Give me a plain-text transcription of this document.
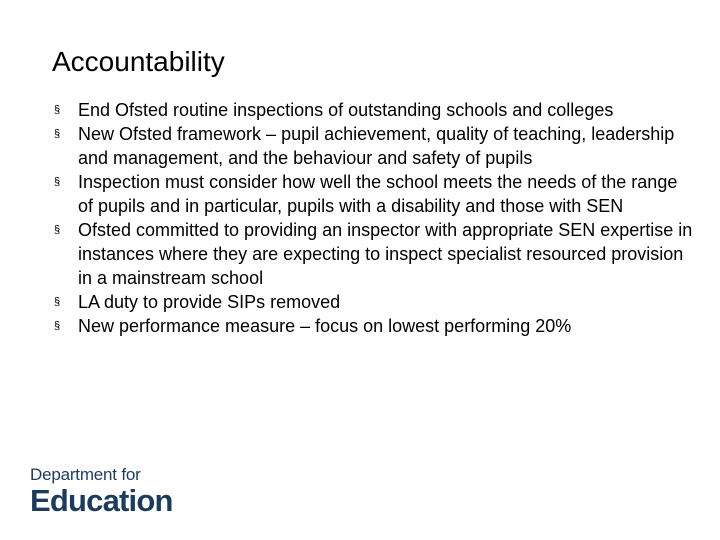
Accountability
§ End Ofsted routine inspections of outstanding schools and colleges
§ New Ofsted framework – pupil achievement, quality of teaching, leadership and management, and the behaviour and safety of pupils
§ Inspection must consider how well the school meets the needs of the range of pupils and in particular, pupils with a disability and those with SEN
§ Ofsted committed to providing an inspector with appropriate SEN expertise in instances where they are expecting to inspect specialist resourced provision in a mainstream school
§ LA duty to provide SIPs removed
§ New performance measure – focus on lowest performing 20%
Department for
Education
